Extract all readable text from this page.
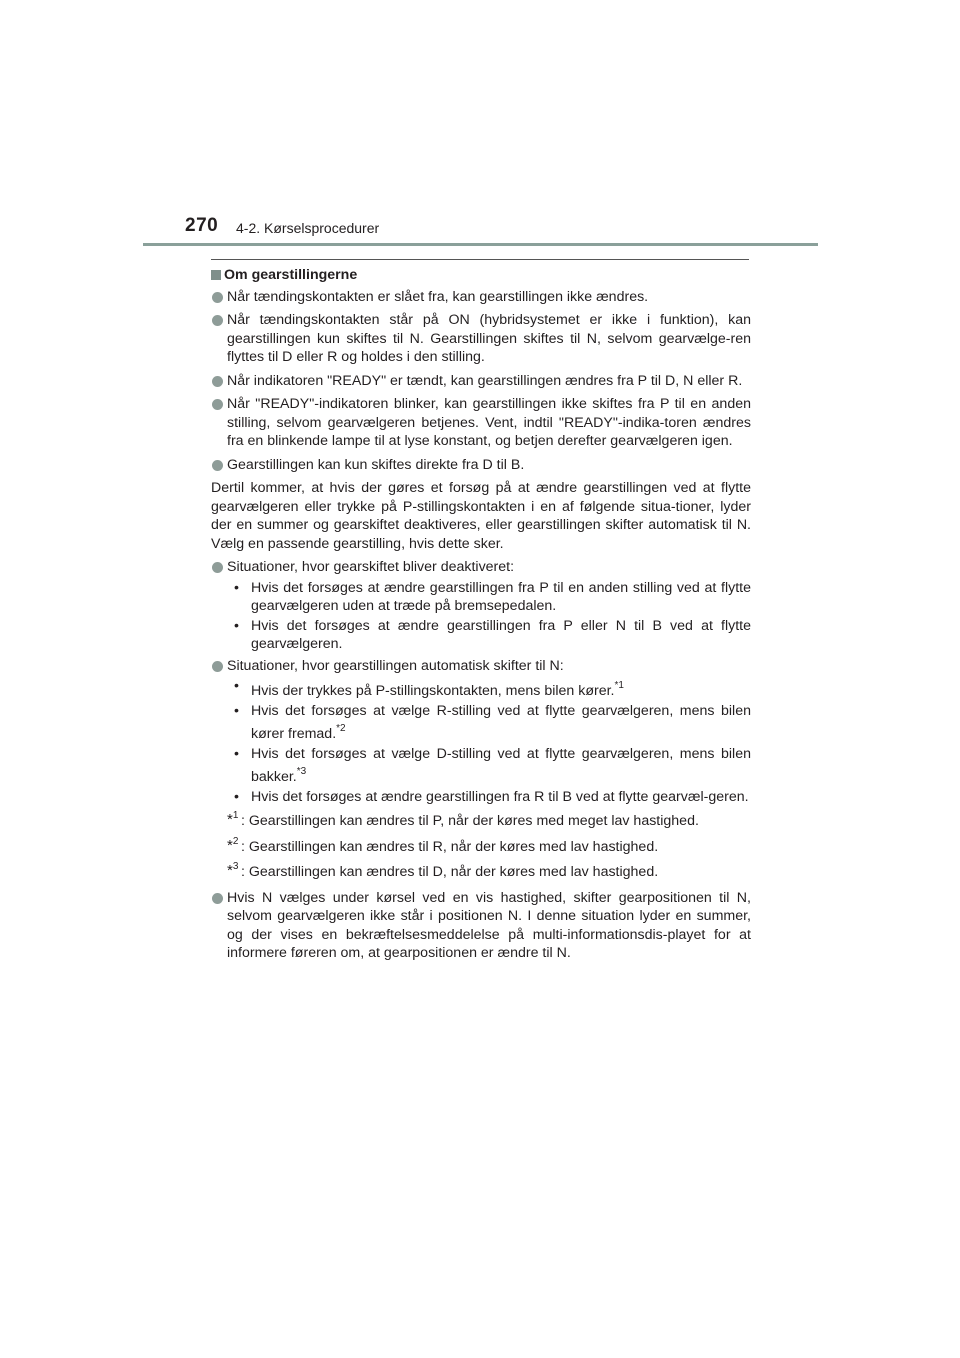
270 4-2. Kørselsprocedurer
Om gearstillingerne
Når tændingskontakten er slået fra, kan gearstillingen ikke ændres.
Når tændingskontakten står på ON (hybridsystemet er ikke i funktion), kan gearstillingen kun skiftes til N. Gearstillingen skiftes til N, selvom gearvælge-ren flyttes til D eller R og holdes i den stilling.
Når indikatoren "READY" er tændt, kan gearstillingen ændres fra P til D, N eller R.
Når "READY"-indikatoren blinker, kan gearstillingen ikke skiftes fra P til en anden stilling, selvom gearvælgeren betjenes. Vent, indtil "READY"-indika-toren ændres fra en blinkende lampe til at lyse konstant, og betjen derefter gearvælgeren igen.
Gearstillingen kan kun skiftes direkte fra D til B.
Dertil kommer, at hvis der gøres et forsøg på at ændre gearstillingen ved at flytte gearvælgeren eller trykke på P-stillingskontakten i en af følgende situa-tioner, lyder der en summer og gearskiftet deaktiveres, eller gearstillingen skifter automatisk til N. Vælg en passende gearstilling, hvis dette sker.
Situationer, hvor gearskiftet bliver deaktiveret:
• Hvis det forsøges at ændre gearstillingen fra P til en anden stilling ved at flytte gearvælgeren uden at træde på bremsepedalen.
• Hvis det forsøges at ændre gearstillingen fra P eller N til B ved at flytte gearvælgeren.
Situationer, hvor gearstillingen automatisk skifter til N:
• Hvis der trykkes på P-stillingskontakten, mens bilen kører.$^{*1}$
• Hvis det forsøges at vælge R-stilling ved at flytte gearvælgeren, mens bilen kører fremad.$^{*2}$
• Hvis det forsøges at vælge D-stilling ved at flytte gearvælgeren, mens bilen bakker.$^{*3}$
• Hvis det forsøges at ændre gearstillingen fra R til B ved at flytte gearvæl-geren.
*$^1$ : Gearstillingen kan ændres til P, når der køres med meget lav hastighed.
*$^2$ : Gearstillingen kan ændres til R, når der køres med lav hastighed.
*$^3$ : Gearstillingen kan ændres til D, når der køres med lav hastighed.
Hvis N vælges under kørsel ved en vis hastighed, skifter gearpositionen til N, selvom gearvælgeren ikke står i positionen N. I denne situation lyder en summer, og der vises en bekræftelsesmeddelelse på multi-informationsdis-playet for at informere føreren om, at gearpositionen er ændre til N.
